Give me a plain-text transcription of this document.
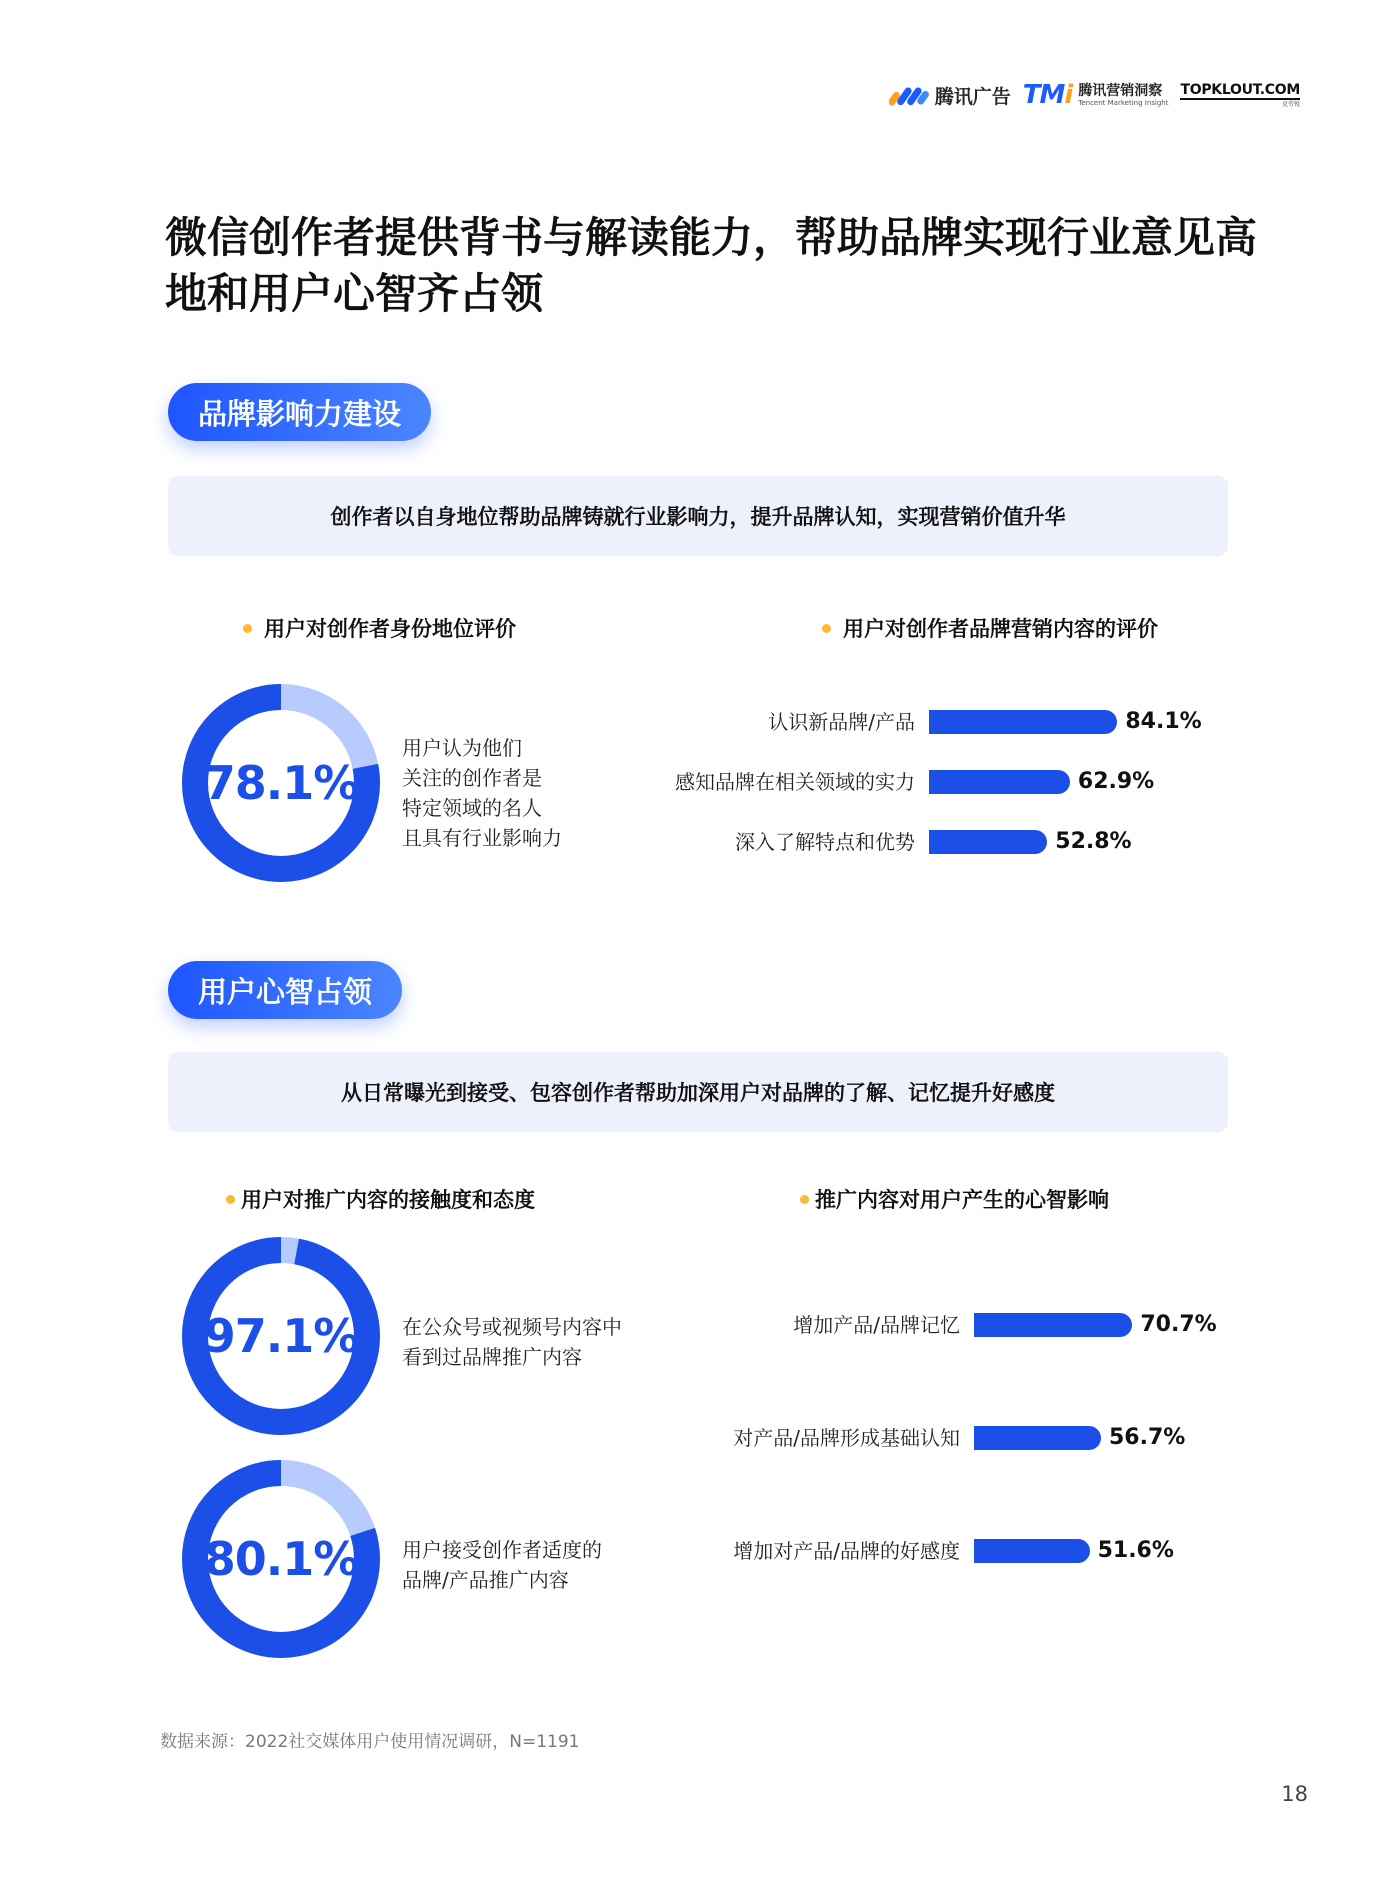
腾讯广告 TMi 腾讯营销洞察
Tencent Marketing Insight
TOPKLOUT.COM
克劳锐
微信创作者提供背书与解读能力，帮助品牌实现行业意见高地和用户心智齐占领
品牌影响力建设
创作者以自身地位帮助品牌铸就行业影响力，提升品牌认知，实现营销价值升华
用户对创作者身份地位评价	用户对创作者品牌营销内容的评价
78.1%
用户认为他们
关注的创作者是
特定领域的名人
且具有行业影响力
认识新品牌/产品	84.1%
感知品牌在相关领域的实力	62.9%
深入了解特点和优势	52.8%
用户心智占领
从日常曝光到接受、包容创作者帮助加深用户对品牌的了解、记忆提升好感度
用户对推广内容的接触度和态度	推广内容对用户产生的心智影响
97.1%	在公众号或视频号内容中
看到过品牌推广内容
80.1%	用户接受创作者适度的
品牌/产品推广内容
增加产品/品牌记忆	70.7%
对产品/品牌形成基础认知	56.7%
增加对产品/品牌的好感度	51.6%
数据来源：2022社交媒体用户使用情况调研，N=1191
18
